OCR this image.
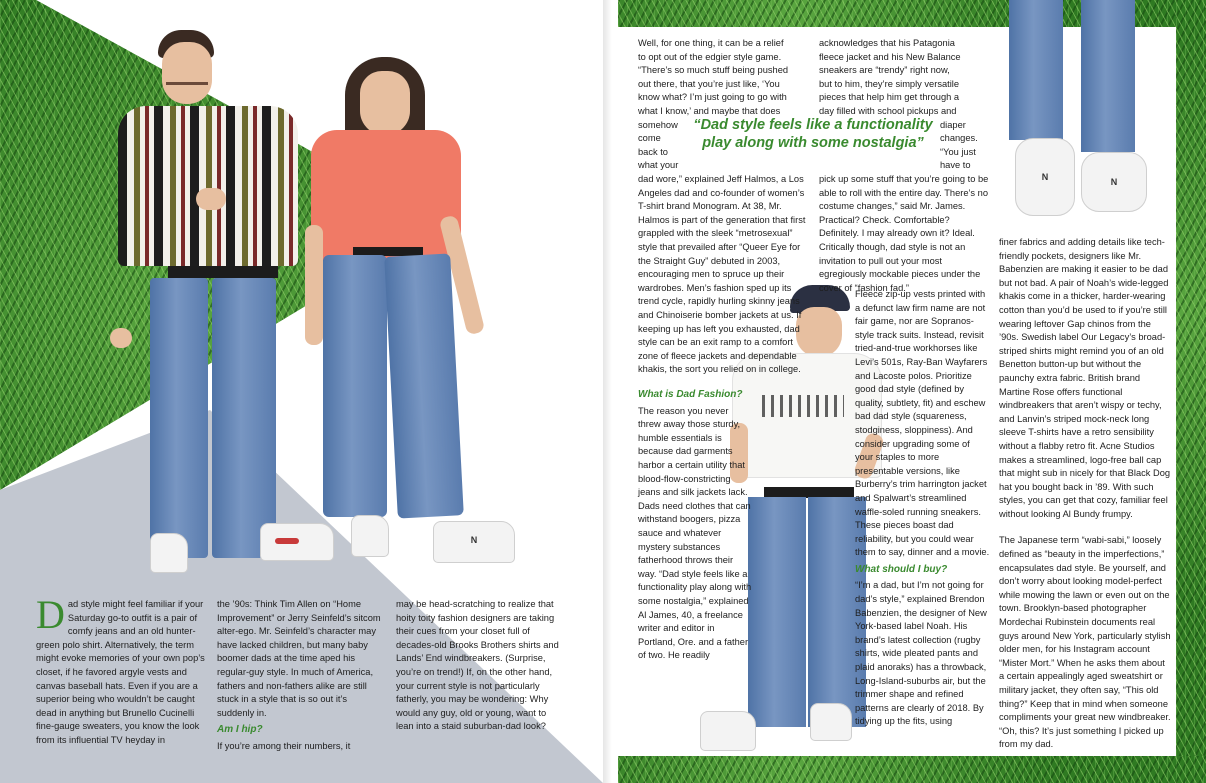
N
N	N
“Dad style feels like a functionality
play along with some nostalgia”

Dad style might feel familiar if your Saturday go-to outfit is a pair of comfy jeans and an old hunter-green polo shirt. Alternatively, the term might evoke memories of your own pop’s closet, if he favored argyle vests and canvas baseball hats. Even if you are a superior being who wouldn’t be caught dead in anything but Brunello Cucinelli fine-gauge sweaters, you know the look from its influential TV heyday in

the ’90s: Think Tim Allen on “Home Improvement” or Jerry Seinfeld’s sitcom alter-ego. Mr. Seinfeld’s character may have lacked children, but many baby boomer dads at the time aped his regular-guy style. In much of America, fathers and non-fathers alike are still stuck in a style that is so out it’s suddenly in.

Am I hip?

If you’re among their numbers, it

may be head-scratching to realize that hoity toity fashion designers are taking their cues from your closet full of decades-old Brooks Brothers shirts and Lands’ End windbreakers. (Surprise, you’re on trend!) If, on the other hand, your current style is not particularly fatherly, you may be wondering: Why would any guy, old or young, want to lean into a staid suburban-dad look?

Well, for one thing, it can be a relief
to opt out of the edgier style game.
“There’s so much stuff being pushed
out there, that you’re just like, ‘You
know what? I’m just going to go with
what I know,’ and maybe that does
somehow
come
back to
what your

dad wore,” explained Jeff Halmos, a Los Angeles dad and co-founder of women’s T-shirt brand Monogram. At 38, Mr. Halmos is part of the generation that first grappled with the sleek “metrosexual” style that prevailed after “Queer Eye for the Straight Guy” debuted in 2003, encouraging men to spruce up their wardrobes. Men’s fashion sped up its trend cycle, rapidly hurling skinny jeans and Chinoiserie bomber jackets at us. If keeping up has left you exhausted, dad style can be an exit ramp to a comfort zone of fleece jackets and dependable khakis, the sort you relied on in college.

What is Dad Fashion?

The reason you never threw away those sturdy, humble essentials is because dad garments harbor a certain utility that blood-flow-constricting jeans and silk jackets lack. Dads need clothes that can withstand boogers, pizza sauce and whatever mystery substances fatherhood throws their way. “Dad style feels like a functionality play along with some nostalgia,” explained Al James, 40, a freelance writer and editor in Portland, Ore. and a father of two. He readily

acknowledges that his Patagonia
fleece jacket and his New Balance
sneakers are “trendy” right now,
but to him, they’re simply versatile
pieces that help him get through a
day filled with school pickups and
diaper
changes.
“You just
have to

pick up some stuff that you’re going to be able to roll with the entire day. There’s no costume changes,” said Mr. James. Practical? Check. Comfortable? Definitely. I may already own it? Ideal. Critically though, dad style is not an invitation to pull out your most egregiously mockable pieces under the cover of “fashion fad.”

Fleece zip-up vests printed with a defunct law firm name are not fair game, nor are Sopranos-style track suits. Instead, revisit tried-and-true workhorses like Levi’s 501s, Ray-Ban Wayfarers and Lacoste polos. Prioritize good dad style (defined by quality, subtlety, fit) and eschew bad dad style (squareness, stodginess, sloppiness). And consider upgrading some of your staples to more presentable versions, like Burberry’s trim harrington jacket and Spalwart’s streamlined waffle-soled running sneakers. These pieces boast dad reliability, but you could wear them to say, dinner and a movie.

What should I buy?

“I’m a dad, but I’m not going for dad’s style,” explained Brendon Babenzien, the designer of New York-based label Noah. His brand’s latest collection (rugby shirts, wide pleated pants and plaid anoraks) has a throwback, Long-Island-suburbs air, but the trimmer shape and refined patterns are clearly of 2018. By tidying up the fits, using

finer fabrics and adding details like tech-friendly pockets, designers like Mr. Babenzien are making it easier to be dad but not bad. A pair of Noah’s wide-legged khakis come in a thicker, harder-wearing cotton than you’d be used to if you’re still wearing leftover Gap chinos from the ’90s. Swedish label Our Legacy’s broad-striped shirts might remind you of an old Benetton button-up but without the paunchy extra fabric. British brand Martine Rose offers functional windbreakers that aren’t wispy or techy, and Lanvin’s striped mock-neck long sleeve T-shirts have a retro sensibility without a flabby retro fit. Acne Studios makes a streamlined, logo-free ball cap that might sub in nicely for that Black Dog hat you bought back in ’89. With such styles, you can get that cozy, familiar feel without looking Al Bundy frumpy.

The Japanese term “wabi-sabi,” loosely defined as “beauty in the imperfections,” encapsulates dad style. Be yourself, and don’t worry about looking model-perfect while mowing the lawn or even out on the town. Brooklyn-based photographer Mordechai Rubinstein documents real guys around New York, particularly stylish older men, for his Instagram account “Mister Mort.” When he asks them about a certain appealingly aged sweatshirt or military jacket, they often say, “This old thing?” Keep that in mind when someone compliments your great new windbreaker. “Oh, this? It’s just something I picked up from my dad.
